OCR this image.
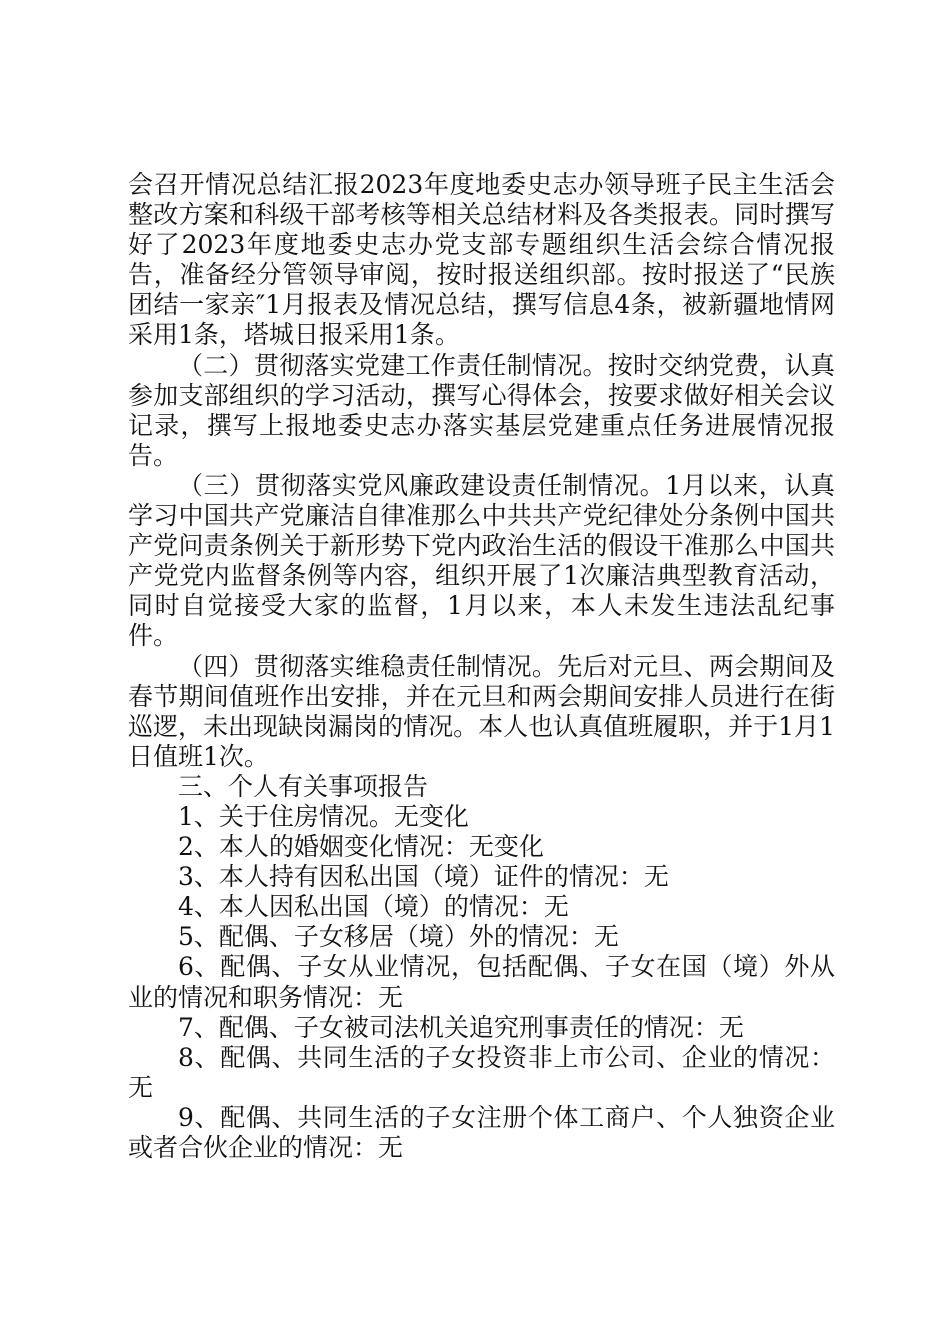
会召开情况总结汇报2023年度地委史志办领导班子民主生活会整改方案和科级干部考核等相关总结材料及各类报表。同时撰写好了2023年度地委史志办党支部专题组织生活会综合情况报告，准备经分管领导审阅，按时报送组织部。按时报送了“民族团结一家亲″1月报表及情况总结，撰写信息4条，被新疆地情网采用1条，塔城日报采用1条。

（二）贯彻落实党建工作责任制情况。按时交纳党费，认真参加支部组织的学习活动，撰写心得体会，按要求做好相关会议记录，撰写上报地委史志办落实基层党建重点任务进展情况报告。

（三）贯彻落实党风廉政建设责任制情况。1月以来，认真学习中国共产党廉洁自律准那么中共共产党纪律处分条例中国共产党问责条例关于新形势下党内政治生活的假设干准那么中国共产党党内监督条例等内容，组织开展了1次廉洁典型教育活动，同时自觉接受大家的监督，1月以来，本人未发生违法乱纪事件。

（四）贯彻落实维稳责任制情况。先后对元旦、两会期间及春节期间值班作出安排，并在元旦和两会期间安排人员进行在街巡逻，未出现缺岗漏岗的情况。本人也认真值班履职，并于1月1日值班1次。

三、个人有关事项报告

1、关于住房情况。无变化

2、本人的婚姻变化情况：无变化

3、本人持有因私出国（境）证件的情况：无

4、本人因私出国（境）的情况：无

5、配偶、子女移居（境）外的情况：无

6、配偶、子女从业情况，包括配偶、子女在国（境）外从业的情况和职务情况：无

7、配偶、子女被司法机关追究刑事责任的情况：无

8、配偶、共同生活的子女投资非上市公司、企业的情况：无

9、配偶、共同生活的子女注册个体工商户、个人独资企业或者合伙企业的情况：无
